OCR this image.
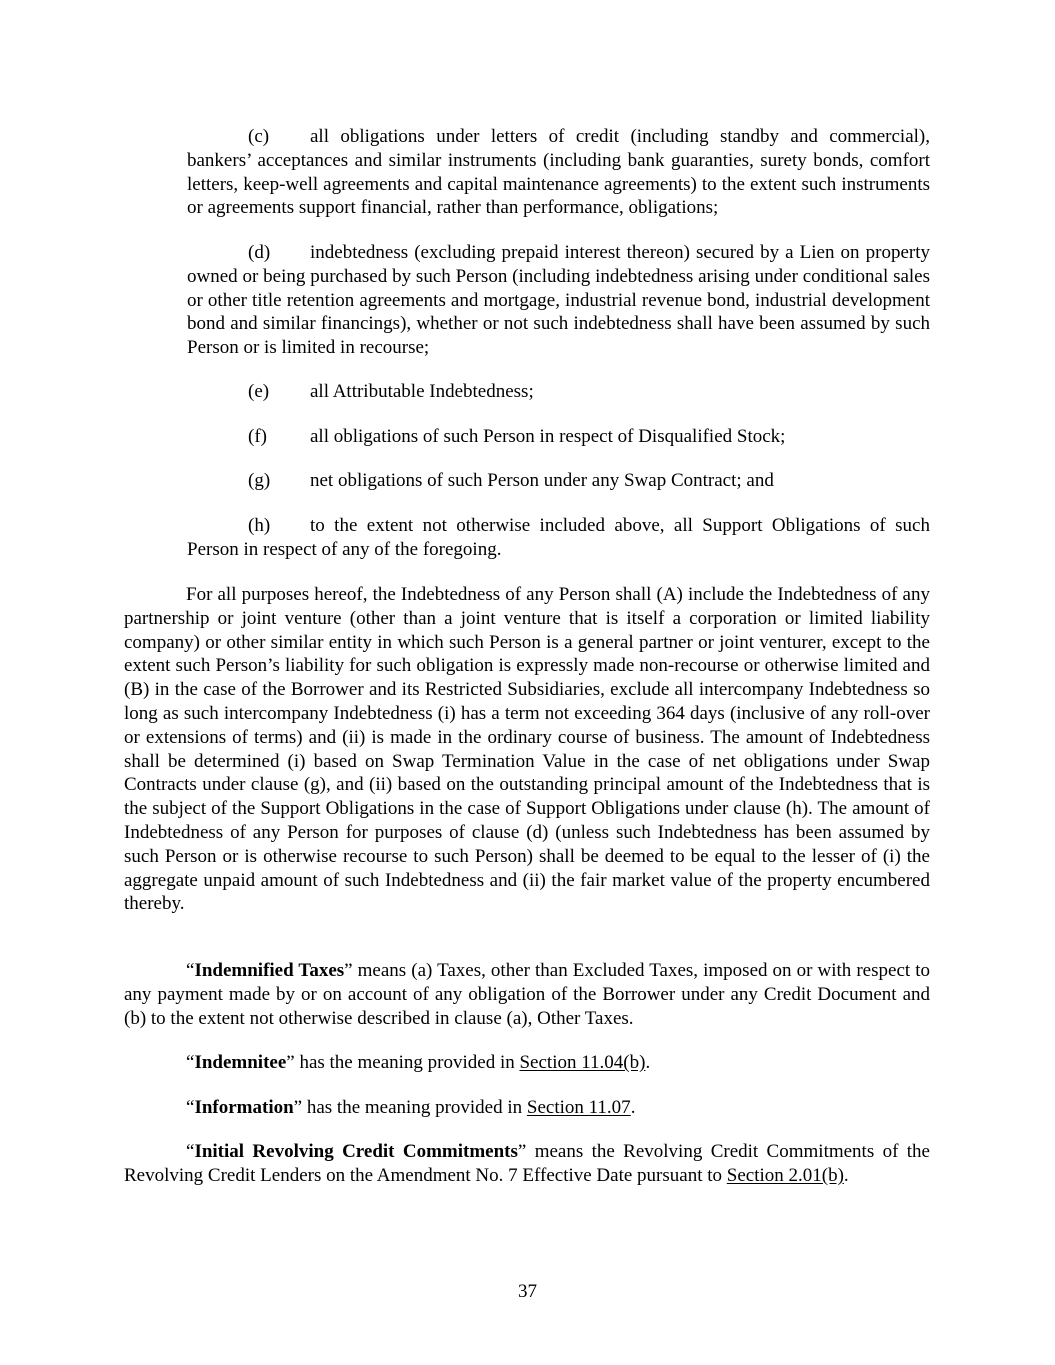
(c) all obligations under letters of credit (including standby and commercial), bankers’ acceptances and similar instruments (including bank guaranties, surety bonds, comfort letters, keep-well agreements and capital maintenance agreements) to the extent such instruments or agreements support financial, rather than performance, obligations;

(d) indebtedness (excluding prepaid interest thereon) secured by a Lien on property owned or being purchased by such Person (including indebtedness arising under conditional sales or other title retention agreements and mortgage, industrial revenue bond, industrial development bond and similar financings), whether or not such indebtedness shall have been assumed by such Person or is limited in recourse;

(e) all Attributable Indebtedness;

(f) all obligations of such Person in respect of Disqualified Stock;

(g) net obligations of such Person under any Swap Contract; and

(h) to the extent not otherwise included above, all Support Obligations of such Person in respect of any of the foregoing.

For all purposes hereof, the Indebtedness of any Person shall (A) include the Indebtedness of any partnership or joint venture (other than a joint venture that is itself a corporation or limited liability company) or other similar entity in which such Person is a general partner or joint venturer, except to the extent such Person’s liability for such obligation is expressly made non-recourse or otherwise limited and (B) in the case of the Borrower and its Restricted Subsidiaries, exclude all intercompany Indebtedness so long as such intercompany Indebtedness (i) has a term not exceeding 364 days (inclusive of any roll-over or extensions of terms) and (ii) is made in the ordinary course of business. The amount of Indebtedness shall be determined (i) based on Swap Termination Value in the case of net obligations under Swap Contracts under clause (g), and (ii) based on the outstanding principal amount of the Indebtedness that is the subject of the Support Obligations in the case of Support Obligations under clause (h). The amount of Indebtedness of any Person for purposes of clause (d) (unless such Indebtedness has been assumed by such Person or is otherwise recourse to such Person) shall be deemed to be equal to the lesser of (i) the aggregate unpaid amount of such Indebtedness and (ii) the fair market value of the property encumbered thereby.

“Indemnified Taxes” means (a) Taxes, other than Excluded Taxes, imposed on or with respect to any payment made by or on account of any obligation of the Borrower under any Credit Document and (b) to the extent not otherwise described in clause (a), Other Taxes.

“Indemnitee” has the meaning provided in Section 11.04(b).

“Information” has the meaning provided in Section 11.07.

“Initial Revolving Credit Commitments” means the Revolving Credit Commitments of the Revolving Credit Lenders on the Amendment No. 7 Effective Date pursuant to Section 2.01(b).

37
